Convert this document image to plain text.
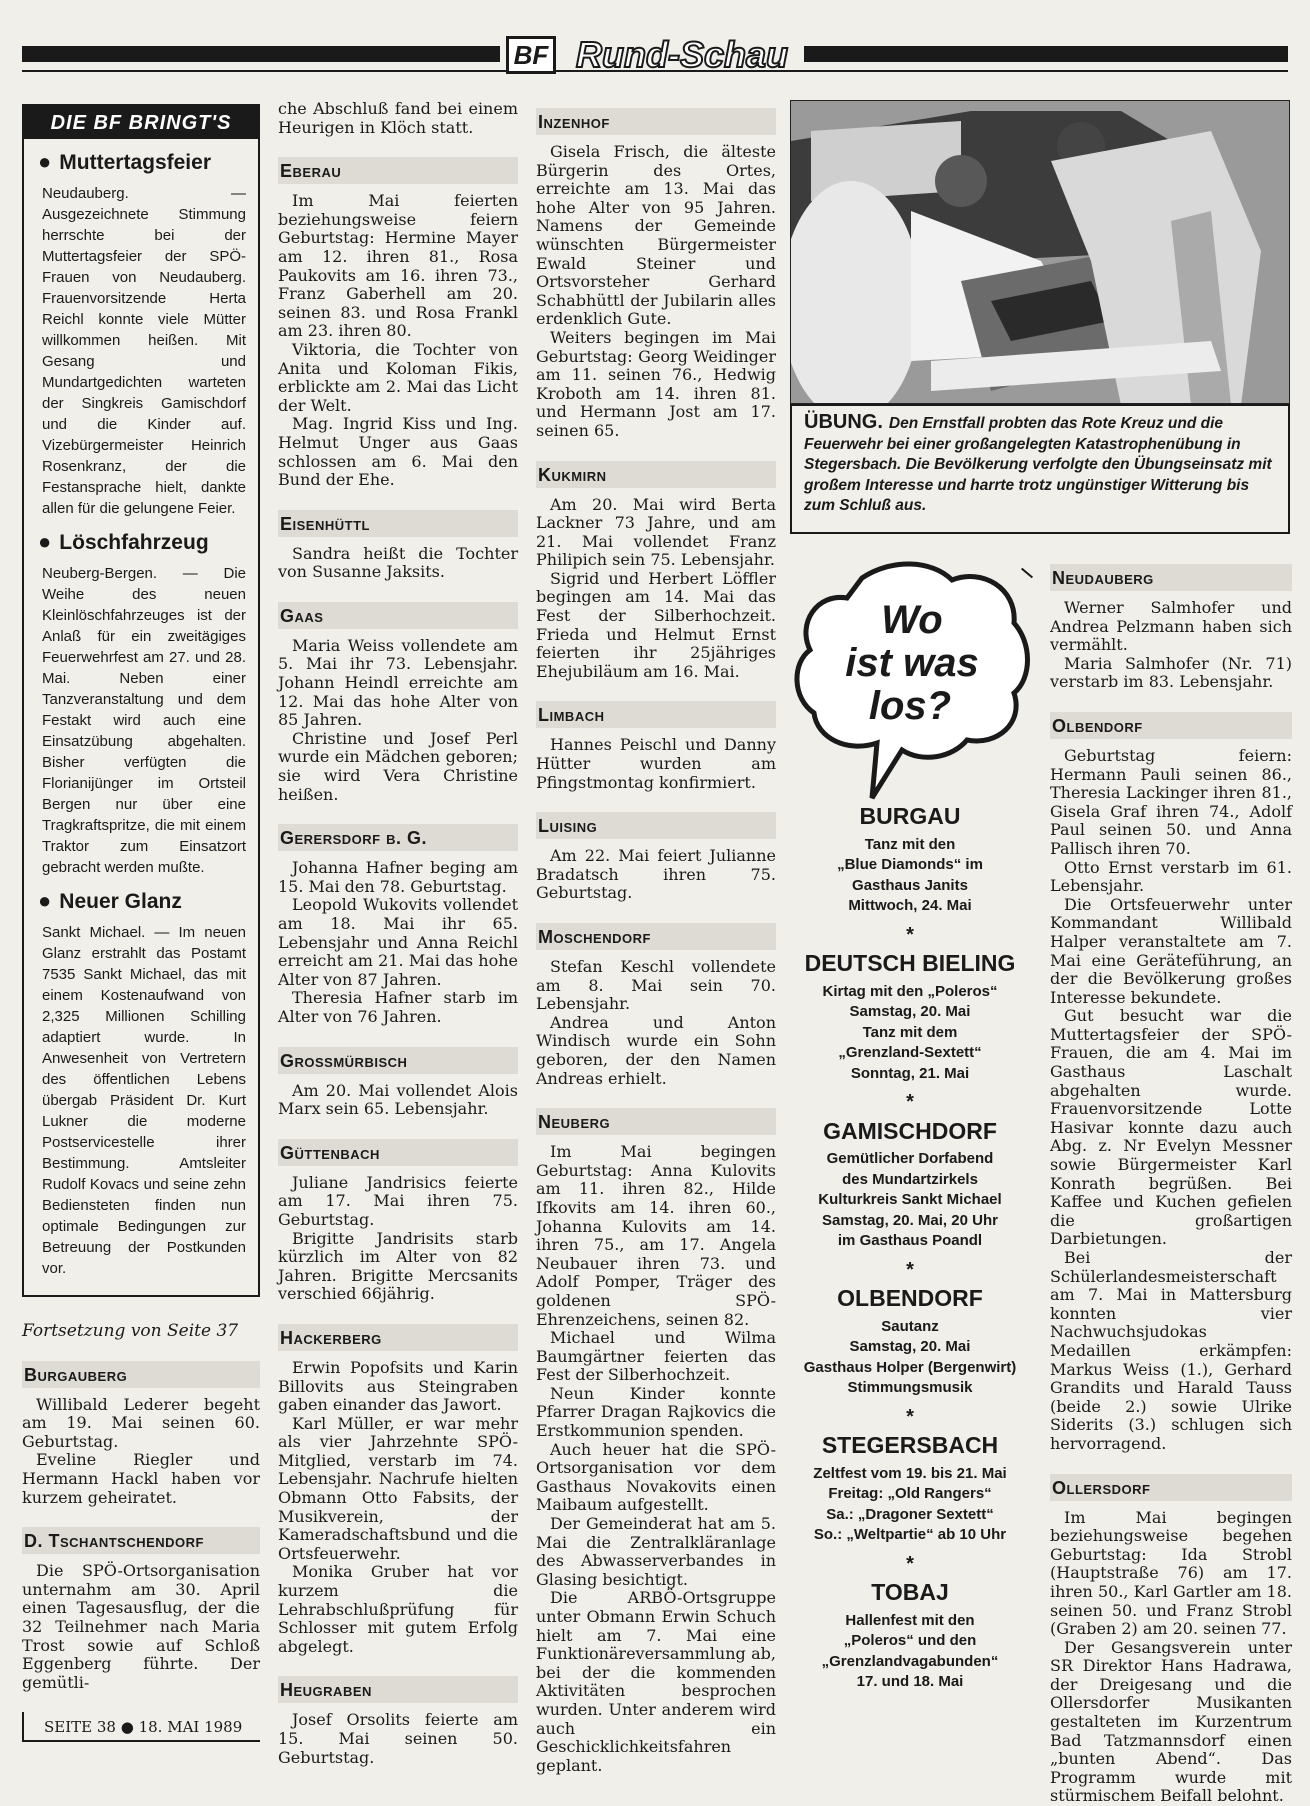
BF Rund-Schau
DIE BF BRINGT'S
● Muttertagsfeier

Neudauberg. — Ausgezeichnete Stimmung herrschte bei der Muttertagsfeier der SPÖ-Frauen von Neudauberg. Frauenvorsitzende Herta Reichl konnte viele Mütter willkommen heißen. Mit Gesang und Mundartgedichten warteten der Singkreis Gamischdorf und die Kinder auf. Vizebürgermeister Heinrich Rosenkranz, der die Festansprache hielt, dankte allen für die gelungene Feier.

● Löschfahrzeug

Neuberg-Bergen. — Die Weihe des neuen Kleinlöschfahrzeuges ist der Anlaß für ein zweitägiges Feuerwehrfest am 27. und 28. Mai. Neben einer Tanzveranstaltung und dem Festakt wird auch eine Einsatzübung abgehalten. Bisher verfügten die Florianijünger im Ortsteil Bergen nur über eine Tragkraftspritze, die mit einem Traktor zum Einsatzort gebracht werden mußte.

● Neuer Glanz

Sankt Michael. — Im neuen Glanz erstrahlt das Postamt 7535 Sankt Michael, das mit einem Kostenaufwand von 2,325 Millionen Schilling adaptiert wurde. In Anwesenheit von Vertretern des öffentlichen Lebens übergab Präsident Dr. Kurt Lukner die moderne Postservicestelle ihrer Bestimmung. Amtsleiter Rudolf Kovacs und seine zehn Bediensteten finden nun optimale Bedingungen zur Betreuung der Postkunden vor.

Fortsetzung von Seite 37
Burgauberg

Willibald Lederer begeht am 19. Mai seinen 60. Geburtstag.

Eveline Riegler und Hermann Hackl haben vor kurzem geheiratet.

D. Tschantschendorf

Die SPÖ-Ortsorganisation unternahm am 30. April einen Tagesausflug, der die 32 Teilnehmer nach Maria Trost sowie auf Schloß Eggenberg führte. Der gemütli-

SEITE 38 ● 18. MAI 1989

che Abschluß fand bei einem Heurigen in Klöch statt.

Eberau

Im Mai feierten beziehungsweise feiern Geburtstag: Hermine Mayer am 12. ihren 81., Rosa Paukovits am 16. ihren 73., Franz Gaberhell am 20. seinen 83. und Rosa Frankl am 23. ihren 80.

Viktoria, die Tochter von Anita und Koloman Fikis, erblickte am 2. Mai das Licht der Welt.

Mag. Ingrid Kiss und Ing. Helmut Unger aus Gaas schlossen am 6. Mai den Bund der Ehe.

Eisenhüttl

Sandra heißt die Tochter von Susanne Jaksits.

Gaas

Maria Weiss vollendete am 5. Mai ihr 73. Lebensjahr. Johann Heindl erreichte am 12. Mai das hohe Alter von 85 Jahren.

Christine und Josef Perl wurde ein Mädchen geboren; sie wird Vera Christine heißen.

Gerersdorf b. G.

Johanna Hafner beging am 15. Mai den 78. Geburtstag.

Leopold Wukovits vollendet am 18. Mai ihr 65. Lebensjahr und Anna Reichl erreicht am 21. Mai das hohe Alter von 87 Jahren.

Theresia Hafner starb im Alter von 76 Jahren.

Grossmürbisch

Am 20. Mai vollendet Alois Marx sein 65. Lebensjahr.

Güttenbach

Juliane Jandrisics feierte am 17. Mai ihren 75. Geburtstag.

Brigitte Jandrisits starb kürzlich im Alter von 82 Jahren. Brigitte Mercsanits verschied 66jährig.

Hackerberg

Erwin Popofsits und Karin Billovits aus Steingraben gaben einander das Jawort.

Karl Müller, er war mehr als vier Jahrzehnte SPÖ-Mitglied, verstarb im 74. Lebensjahr. Nachrufe hielten Obmann Otto Fabsits, der Musikverein, der Kameradschaftsbund und die Ortsfeuerwehr.

Monika Gruber hat vor kurzem die Lehrabschlußprüfung für Schlosser mit gutem Erfolg abgelegt.

Heugraben

Josef Orsolits feierte am 15. Mai seinen 50. Geburtstag.

Inzenhof

Gisela Frisch, die älteste Bürgerin des Ortes, erreichte am 13. Mai das hohe Alter von 95 Jahren. Namens der Gemeinde wünschten Bürgermeister Ewald Steiner und Ortsvorsteher Gerhard Schabhüttl der Jubilarin alles erdenklich Gute.

Weiters begingen im Mai Geburtstag: Georg Weidinger am 11. seinen 76., Hedwig Kroboth am 14. ihren 81. und Hermann Jost am 17. seinen 65.

Kukmirn

Am 20. Mai wird Berta Lackner 73 Jahre, und am 21. Mai vollendet Franz Philipich sein 75. Lebensjahr.

Sigrid und Herbert Löffler begingen am 14. Mai das Fest der Silberhochzeit. Frieda und Helmut Ernst feierten ihr 25jähriges Ehejubiläum am 16. Mai.

Limbach

Hannes Peischl und Danny Hütter wurden am Pfingstmontag konfirmiert.

Luising

Am 22. Mai feiert Julianne Bradatsch ihren 75. Geburtstag.

Moschendorf

Stefan Keschl vollendete am 8. Mai sein 70. Lebensjahr.

Andrea und Anton Windisch wurde ein Sohn geboren, der den Namen Andreas erhielt.

Neuberg

Im Mai begingen Geburtstag: Anna Kulovits am 11. ihren 82., Hilde Ifkovits am 14. ihren 60., Johanna Kulovits am 14. ihren 75., am 17. Angela Neubauer ihren 73. und Adolf Pomper, Träger des goldenen SPÖ-Ehrenzeichens, seinen 82.

Michael und Wilma Baumgärtner feierten das Fest der Silberhochzeit.

Neun Kinder konnte Pfarrer Dragan Rajkovics die Erstkommunion spenden.

Auch heuer hat die SPÖ-Ortsorganisation vor dem Gasthaus Novakovits einen Maibaum aufgestellt.

Der Gemeinderat hat am 5. Mai die Zentralkläranlage des Abwasserverbandes in Glasing besichtigt.

Die ARBÖ-Ortsgruppe unter Obmann Erwin Schuch hielt am 7. Mai eine Funktionäreversammlung ab, bei der die kommenden Aktivitäten besprochen wurden. Unter anderem wird auch ein Geschicklichkeitsfahren geplant.

ÜBUNG. Den Ernstfall probten das Rote Kreuz und die Feuerwehr bei einer großangelegten Katastrophenübung in Stegersbach. Die Bevölkerung verfolgte den Übungseinsatz mit großem Interesse und harrte trotz ungünstiger Witterung bis zum Schluß aus.
Wo
ist was
los?
BURGAU
Tanz mit den
„Blue Diamonds“ im
Gasthaus Janits
Mittwoch, 24. Mai
*
DEUTSCH BIELING
Kirtag mit den „Poleros“
Samstag, 20. Mai
Tanz mit dem
„Grenzland-Sextett“
Sonntag, 21. Mai
*
GAMISCHDORF
Gemütlicher Dorfabend
des Mundartzirkels
Kulturkreis Sankt Michael
Samstag, 20. Mai, 20 Uhr
im Gasthaus Poandl
*
OLBENDORF
Sautanz
Samstag, 20. Mai
Gasthaus Holper (Bergenwirt)
Stimmungsmusik
*
STEGERSBACH
Zeltfest vom 19. bis 21. Mai
Freitag: „Old Rangers“
Sa.: „Dragoner Sextett“
So.: „Weltpartie“ ab 10 Uhr
*
TOBAJ
Hallenfest mit den
„Poleros“ und den
„Grenzlandvagabunden“
17. und 18. Mai
Neudauberg

Werner Salmhofer und Andrea Pelzmann haben sich vermählt.

Maria Salmhofer (Nr. 71) verstarb im 83. Lebensjahr.

Olbendorf

Geburtstag feiern: Hermann Pauli seinen 86., Theresia Lackinger ihren 81., Gisela Graf ihren 74., Adolf Paul seinen 50. und Anna Pallisch ihren 70.

Otto Ernst verstarb im 61. Lebensjahr.

Die Ortsfeuerwehr unter Kommandant Willibald Halper veranstaltete am 7. Mai eine Geräteführung, an der die Bevölkerung großes Interesse bekundete.

Gut besucht war die Muttertagsfeier der SPÖ-Frauen, die am 4. Mai im Gasthaus Laschalt abgehalten wurde. Frauenvorsitzende Lotte Hasivar konnte dazu auch Abg. z. Nr Evelyn Messner sowie Bürgermeister Karl Konrath begrüßen. Bei Kaffee und Kuchen gefielen die großartigen Darbietungen.

Bei der Schülerlandesmeisterschaft am 7. Mai in Mattersburg konnten vier Nachwuchsjudokas Medaillen erkämpfen: Markus Weiss (1.), Gerhard Grandits und Harald Tauss (beide 2.) sowie Ulrike Siderits (3.) schlugen sich hervorragend.

Ollersdorf

Im Mai begingen beziehungsweise begehen Geburtstag: Ida Strobl (Hauptstraße 76) am 17. ihren 50., Karl Gartler am 18. seinen 50. und Franz Strobl (Graben 2) am 20. seinen 77.

Der Gesangsverein unter SR Direktor Hans Hadrawa, der Dreigesang und die Ollersdorfer Musikanten gestalteten im Kurzentrum Bad Tatzmannsdorf einen „bunten Abend“. Das Programm wurde mit stürmischem Beifall belohnt.
